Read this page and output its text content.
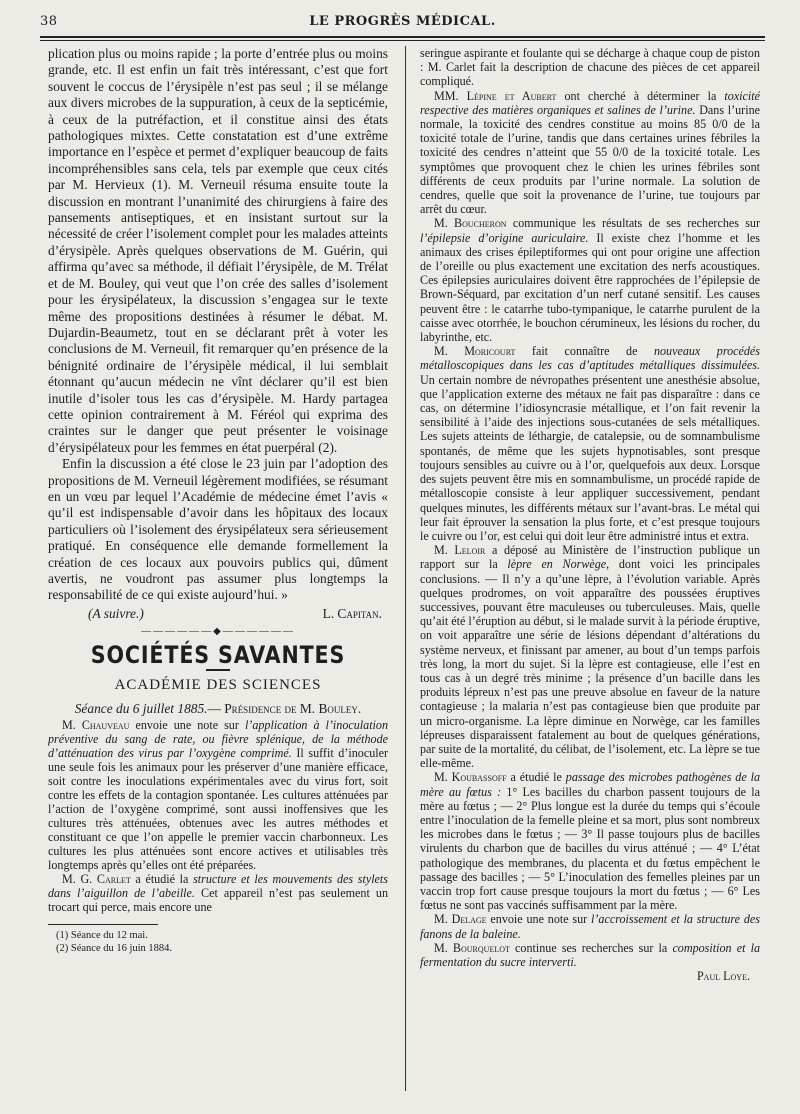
38	LE PROGRÈS MÉDICAL.

plication plus ou moins rapide ; la porte d’entrée plus ou moins grande, etc. Il est enfin un fait très intéressant, c’est que fort souvent le coccus de l’érysipèle n’est pas seul ; il se mélange aux divers microbes de la suppuration, à ceux de la septicémie, à ceux de la putréfaction, et il constitue ainsi des états pathologiques mixtes. Cette constatation est d’une extrême importance en l’espèce et permet d’expliquer beaucoup de faits incompréhensibles sans cela, tels par exemple que ceux cités par M. Hervieux (1). M. Verneuil résuma ensuite toute la discussion en montrant l’unanimité des chirurgiens à faire des pansements antiseptiques, et en insistant surtout sur la nécessité de créer l’isolement complet pour les malades atteints d’érysipèle. Après quelques observations de M. Guérin, qui affirma qu’avec sa méthode, il défiait l’érysipèle, de M. Trélat et de M. Bouley, qui veut que l’on crée des salles d’isolement pour les érysipélateux, la discussion s’engagea sur le texte même des propositions destinées à résumer le débat. M. Dujardin-Beaumetz, tout en se déclarant prêt à voter les conclusions de M. Verneuil, fit remarquer qu’en présence de la bénignité ordinaire de l’érysipèle médical, il lui semblait étonnant qu’aucun médecin ne vînt déclarer qu’il est bien inutile d’isoler tous les cas d’érysipèle. M. Hardy partagea cette opinion contrairement à M. Féréol qui exprima des craintes sur le danger que peut présenter le voisinage d’érysipélateux pour les femmes en état puerpéral (2).

Enfin la discussion a été close le 23 juin par l’adoption des propositions de M. Verneuil légèrement modifiées, se résumant en un vœu par lequel l’Académie de médecine émet l’avis « qu’il est indispensable d’avoir dans les hôpitaux des locaux particuliers où l’isolement des érysipélateux sera sérieusement pratiqué. En conséquence elle demande formellement la création de ces locaux aux pouvoirs publics qui, dûment avertis, ne voudront pas assumer plus longtemps la responsabilité de ce qui existe aujourd’hui. »

(A suivre.)	L. Capitan.
——————◆——————
SOCIÉTÉS SAVANTES
ACADÉMIE DES SCIENCES
Séance du 6 juillet 1885.— Présidence de M. Bouley.

M. Chauveau envoie une note sur l’application à l’inoculation préventive du sang de rate, ou fièvre splénique, de la méthode d’atténuation des virus par l’oxygène comprimé. Il suffit d’inoculer une seule fois les animaux pour les préserver d’une manière efficace, soit contre les inoculations expérimentales avec du virus fort, soit contre les effets de la contagion spontanée. Les cultures atténuées par l’action de l’oxygène comprimé, sont aussi inoffensives que les cultures très atténuées, obtenues avec les autres méthodes et constituant ce que l’on appelle le premier vaccin charbonneux. Les cultures les plus atténuées sont encore actives et utilisables très longtemps après qu’elles ont été préparées.

M. G. Carlet a étudié la structure et les mouvements des stylets dans l’aiguillon de l’abeille. Cet appareil n’est pas seulement un trocart qui perce, mais encore une

(1) Séance du 12 mai.
(2) Séance du 16 juin 1884.

seringue aspirante et foulante qui se décharge à chaque coup de piston : M. Carlet fait la description de chacune des pièces de cet appareil compliqué.

MM. Lépine et Aubert ont cherché à déterminer la toxicité respective des matières organiques et salines de l’urine. Dans l’urine normale, la toxicité des cendres constitue au moins 85 0/0 de la toxicité totale de l’urine, tandis que dans certaines urines fébriles la toxicité des cendres n’atteint que 55 0/0 de la toxicité totale. Les symptômes que provoquent chez le chien les urines fébriles sont différents de ceux produits par l’urine normale. La solution de cendres, quelle que soit la provenance de l’urine, tue toujours par arrêt du cœur.

M. Boucheron communique les résultats de ses recherches sur l’épilepsie d’origine auriculaire. Il existe chez l’homme et les animaux des crises épileptiformes qui ont pour origine une affection de l’oreille ou plus exactement une excitation des nerfs acoustiques. Ces épilepsies auriculaires doivent être rapprochées de l’épilepsie de Brown-Séquard, par excitation d’un nerf cutané sensitif. Les causes peuvent être : le catarrhe tubo-tympanique, le catarrhe purulent de la caisse avec otorrhée, le bouchon cérumineux, les lésions du rocher, du labyrinthe, etc.

M. Moricourt fait connaître de nouveaux procédés métalloscopiques dans les cas d’aptitudes métalliques dissimulées. Un certain nombre de névropathes présentent une anesthésie absolue, que l’application externe des métaux ne fait pas disparaître : dans ce cas, on détermine l’idiosyncrasie métallique, et l’on fait revenir la sensibilité à l’aide des injections sous-cutanées de sels métalliques. Les sujets atteints de léthargie, de catalepsie, ou de somnambulisme spontanés, de même que les sujets hypnotisables, sont presque toujours sensibles au cuivre ou à l’or, quelquefois aux deux. Lorsque des sujets peuvent être mis en somnambulisme, un procédé rapide de métalloscopie consiste à leur appliquer successivement, pendant quelques minutes, les différents métaux sur l’avant-bras. Le métal qui leur fait éprouver la sensation la plus forte, et c’est presque toujours le cuivre ou l’or, est celui qui doit leur être administré intus et extra.

M. Leloir a déposé au Ministère de l’instruction publique un rapport sur la lèpre en Norwège, dont voici les principales conclusions. — Il n’y a qu’une lèpre, à l’évolution variable. Après quelques prodromes, on voit apparaître des poussées éruptives successives, pouvant être maculeuses ou tuberculeuses. Mais, quelle qu’ait été l’éruption au début, si le malade survit à la période éruptive, on voit apparaître une série de lésions dépendant d’altérations du système nerveux, et finissant par amener, au bout d’un temps parfois très long, la mort du sujet. Si la lèpre est contagieuse, elle l’est en tous cas à un degré très minime ; la présence d’un bacille dans les produits lépreux n’est pas une preuve absolue en faveur de la nature contagieuse ; la malaria n’est pas contagieuse bien que produite par un micro-organisme. La lèpre diminue en Norwège, car les familles lépreuses disparaissent fatalement au bout de quelques générations, par suite de la mortalité, du célibat, de l’isolement, etc. La lèpre se tue elle-même.

M. Koubassoff a étudié le passage des microbes pathogènes de la mère au fœtus : 1° Les bacilles du charbon passent toujours de la mère au fœtus ; — 2° Plus longue est la durée du temps qui s’écoule entre l’inoculation de la femelle pleine et sa mort, plus sont nombreux les microbes dans le fœtus ; — 3° Il passe toujours plus de bacilles virulents du charbon que de bacilles du virus atténué ; — 4° L’état pathologique des membranes, du placenta et du fœtus empêchent le passage des bacilles ; — 5° L’inoculation des femelles pleines par un vaccin trop fort cause presque toujours la mort du fœtus ; — 6° Les fœtus ne sont pas vaccinés suffisamment par la mère.

M. Delage envoie une note sur l’accroissement et la structure des fanons de la baleine.

M. Bourquelot continue ses recherches sur la composition et la fermentation du sucre interverti.

Paul Loye.
